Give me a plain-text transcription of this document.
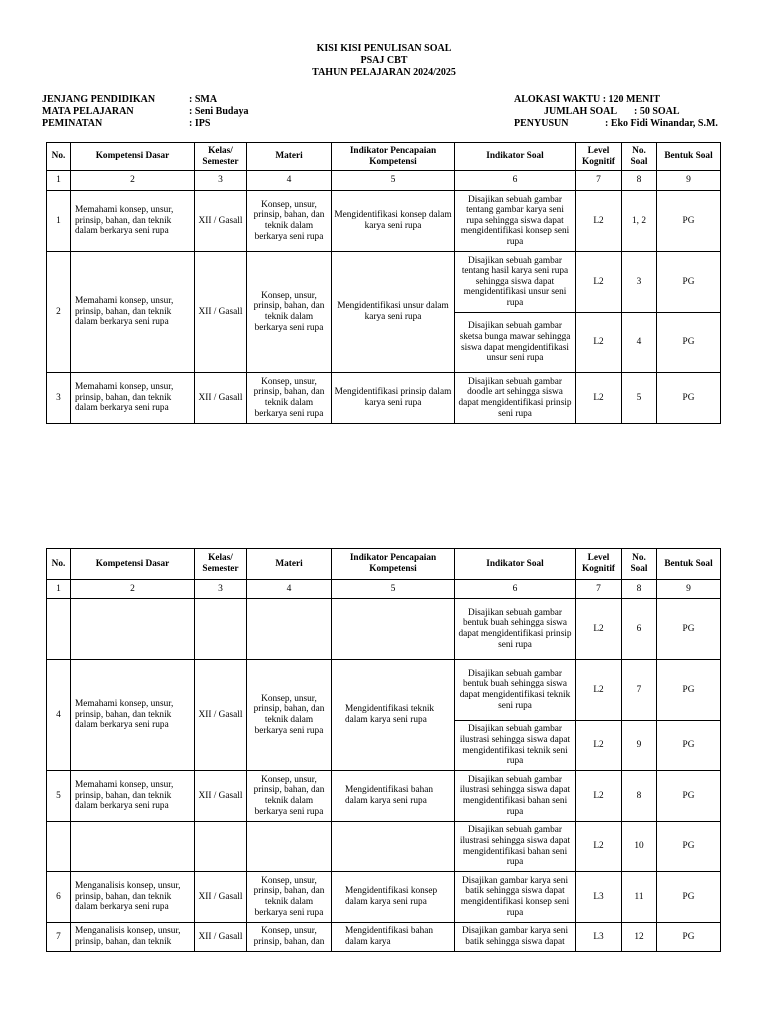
KISI KISI PENULISAN SOAL
PSAJ CBT
TAHUN PELAJARAN 2024/2025
JENJANG PENDIDIKAN	: SMA
MATA PELAJARAN	: Seni Budaya
PEMINATAN	: IPS
ALOKASI WAKTU : 120 MENIT
JUMLAH SOAL : 50 SOAL
PENYUSUN	: Eko Fidi Winandar, S.M.
No.	Kompetensi Dasar	Kelas/ Semester	Materi	Indikator Pencapaian Kompetensi	Indikator Soal	Level Kognitif	No. Soal	Bentuk Soal
1	2	3	4	5	6	7	8	9
1	Memahami konsep, unsur, prinsip, bahan, dan teknik dalam berkarya seni rupa	XII / Gasall	Konsep, unsur, prinsip, bahan, dan teknik dalam berkarya seni rupa	Mengidentifikasi konsep dalam karya seni rupa	Disajikan sebuah gambar tentang gambar karya seni rupa sehingga siswa dapat mengidentifikasi konsep seni rupa	L2	1, 2	PG
2	Memahami konsep, unsur, prinsip, bahan, dan teknik dalam berkarya seni rupa	XII / Gasall	Konsep, unsur, prinsip, bahan, dan teknik dalam berkarya seni rupa	Mengidentifikasi unsur dalam karya seni rupa	Disajikan sebuah gambar tentang hasil karya seni rupa sehingga siswa dapat mengidentifikasi unsur seni rupa	L2	3	PG
					Disajikan sebuah gambar sketsa bunga mawar sehingga siswa dapat mengidentifikasi unsur seni rupa	L2	4	PG
3	Memahami konsep, unsur, prinsip, bahan, dan teknik dalam berkarya seni rupa	XII / Gasall	Konsep, unsur, prinsip, bahan, dan teknik dalam berkarya seni rupa	Mengidentifikasi prinsip dalam karya seni rupa	Disajikan sebuah gambar doodle art sehingga siswa dapat mengidentifikasi prinsip seni rupa	L2	5	PG
No.	Kompetensi Dasar	Kelas/ Semester	Materi	Indikator Pencapaian Kompetensi	Indikator Soal	Level Kognitif	No. Soal	Bentuk Soal
1	2	3	4	5	6	7	8	9
					Disajikan sebuah gambar bentuk buah sehingga siswa dapat mengidentifikasi prinsip seni rupa	L2	6	PG
4	Memahami konsep, unsur, prinsip, bahan, dan teknik dalam berkarya seni rupa	XII / Gasall	Konsep, unsur, prinsip, bahan, dan teknik dalam berkarya seni rupa	Mengidentifikasi teknik dalam karya seni rupa	Disajikan sebuah gambar bentuk buah sehingga siswa dapat mengidentifikasi teknik seni rupa	L2	7	PG
					Disajikan sebuah gambar ilustrasi sehingga siswa dapat mengidentifikasi teknik seni rupa	L2	9	PG
5	Memahami konsep, unsur, prinsip, bahan, dan teknik dalam berkarya seni rupa	XII / Gasall	Konsep, unsur, prinsip, bahan, dan teknik dalam berkarya seni rupa	Mengidentifikasi bahan dalam karya seni rupa	Disajikan sebuah gambar ilustrasi sehingga siswa dapat mengidentifikasi bahan seni rupa	L2	8	PG
					Disajikan sebuah gambar ilustrasi sehingga siswa dapat mengidentifikasi bahan seni rupa	L2	10	PG
6	Menganalisis konsep, unsur, prinsip, bahan, dan teknik dalam berkarya seni rupa	XII / Gasall	Konsep, unsur, prinsip, bahan, dan teknik dalam berkarya seni rupa	Mengidentifikasi konsep dalam karya seni rupa	Disajikan gambar karya seni batik sehingga siswa dapat mengidentifikasi konsep seni rupa	L3	11	PG
7	Menganalisis konsep, unsur, prinsip, bahan, dan teknik	XII / Gasall	Konsep, unsur, prinsip, bahan, dan	Mengidentifikasi bahan dalam karya	Disajikan gambar karya seni batik sehingga siswa dapat	L3	12	PG
